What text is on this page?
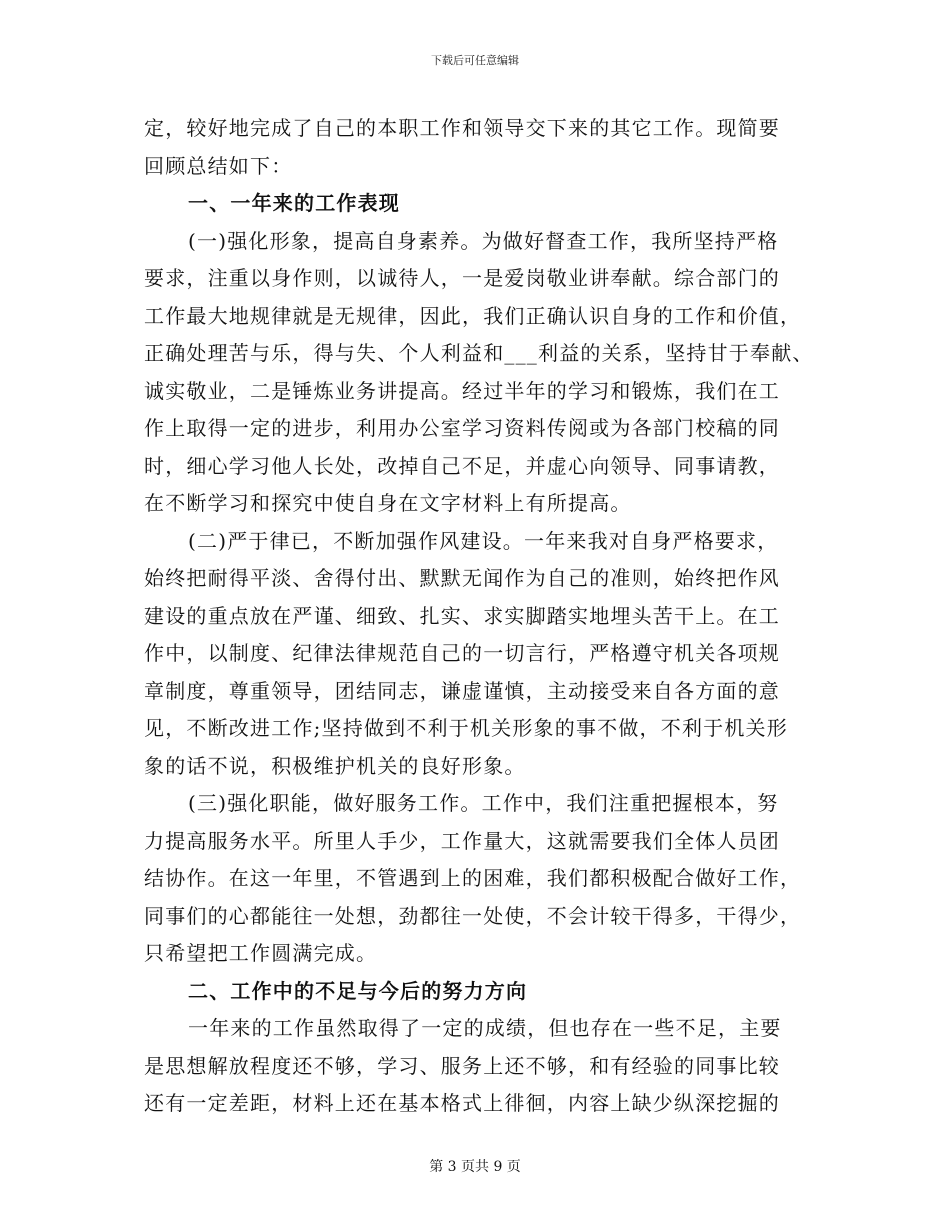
下载后可任意编辑
定，较好地完成了自己的本职工作和领导交下来的其它工作。现简要
回顾总结如下：
一、一年来的工作表现
(一)强化形象，提高自身素养。为做好督查工作，我所坚持严格
要求，注重以身作则，以诚待人，一是爱岗敬业讲奉献。综合部门的
工作最大地规律就是无规律，因此，我们正确认识自身的工作和价值，
正确处理苦与乐，得与失、个人利益和___利益的关系，坚持甘于奉献、
诚实敬业，二是锤炼业务讲提高。经过半年的学习和锻炼，我们在工
作上取得一定的进步，利用办公室学习资料传阅或为各部门校稿的同
时，细心学习他人长处，改掉自己不足，并虚心向领导、同事请教，
在不断学习和探究中使自身在文字材料上有所提高。
(二)严于律已，不断加强作风建设。一年来我对自身严格要求，
始终把耐得平淡、舍得付出、默默无闻作为自己的准则，始终把作风
建设的重点放在严谨、细致、扎实、求实脚踏实地埋头苦干上。在工
作中，以制度、纪律法律规范自己的一切言行，严格遵守机关各项规
章制度，尊重领导，团结同志，谦虚谨慎，主动接受来自各方面的意
见，不断改进工作;坚持做到不利于机关形象的事不做，不利于机关形
象的话不说，积极维护机关的良好形象。
(三)强化职能，做好服务工作。工作中，我们注重把握根本，努
力提高服务水平。所里人手少，工作量大，这就需要我们全体人员团
结协作。在这一年里，不管遇到上的困难，我们都积极配合做好工作，
同事们的心都能往一处想，劲都往一处使，不会计较干得多，干得少，
只希望把工作圆满完成。
二、工作中的不足与今后的努力方向
一年来的工作虽然取得了一定的成绩，但也存在一些不足，主要
是思想解放程度还不够，学习、服务上还不够，和有经验的同事比较
还有一定差距，材料上还在基本格式上徘徊，内容上缺少纵深挖掘的
第 3 页共 9 页
